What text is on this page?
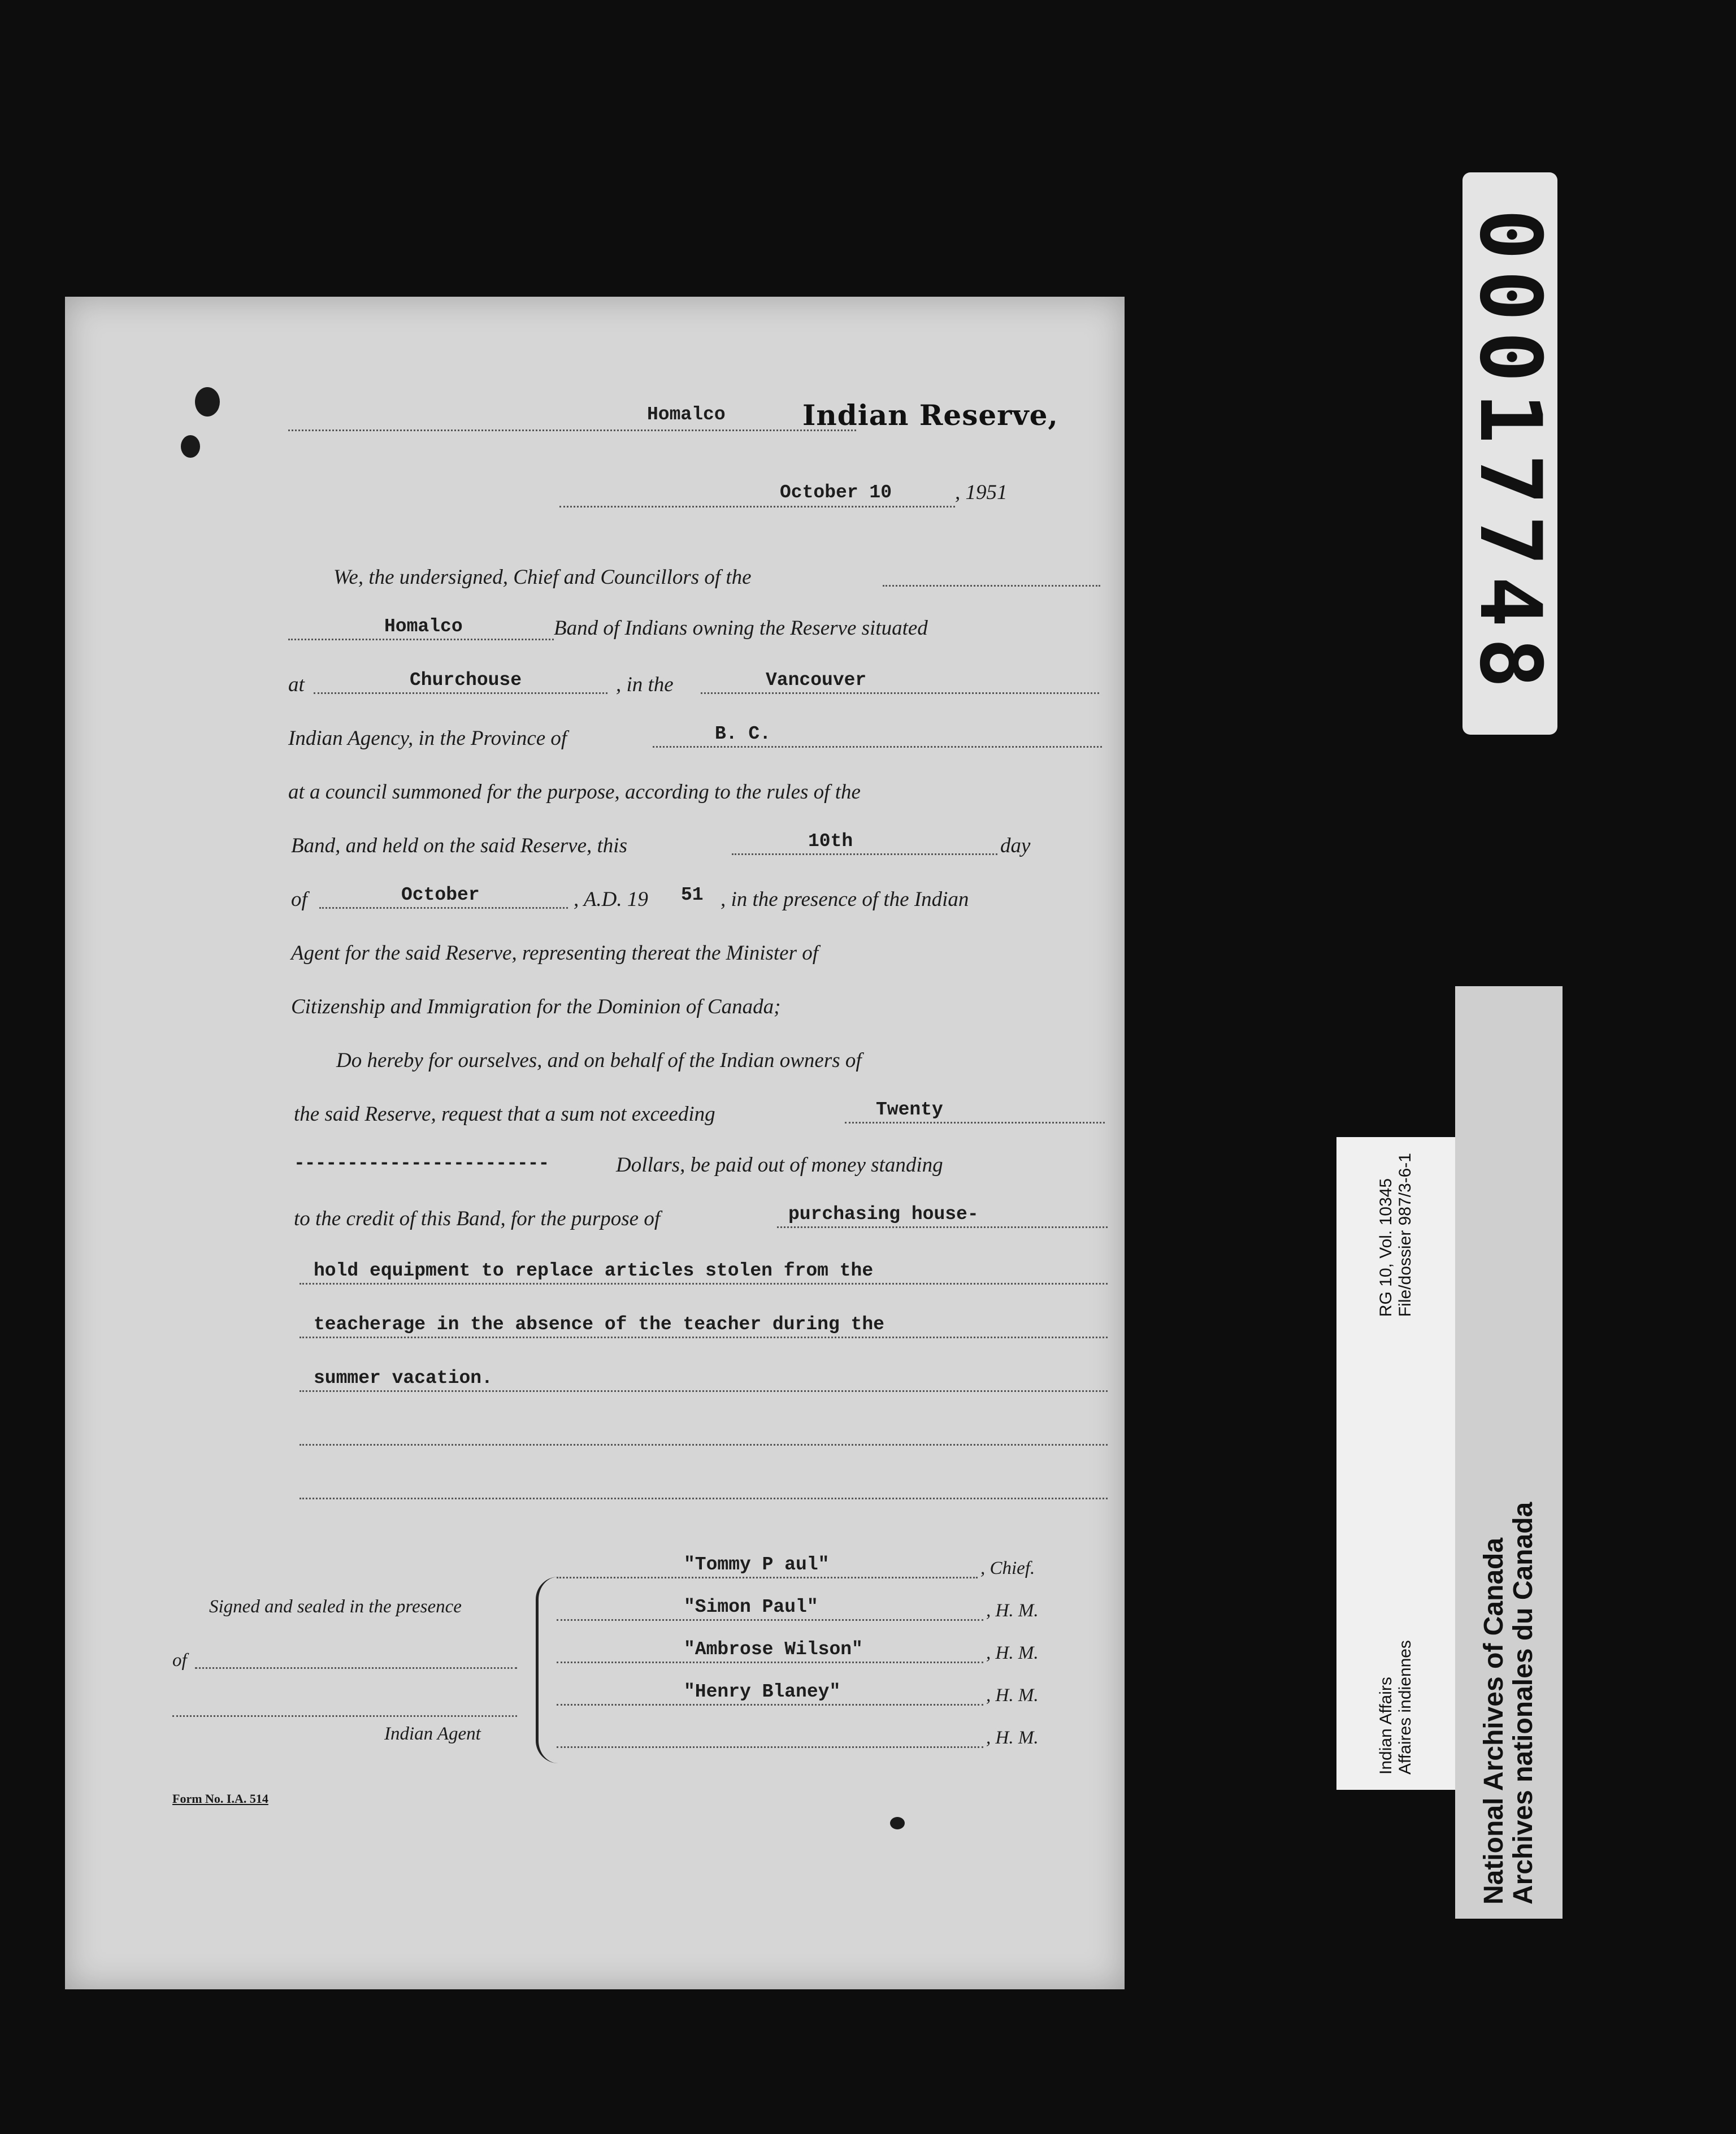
Homalco	Indian Reserve,
October 10	, 1951
We, the undersigned, Chief and Councillors of the
Homalco	Band of Indians owning the Reserve situated
at	Churchouse	, in the	Vancouver
Indian Agency, in the Province of	B. C.
at a council summoned for the purpose, according to the rules of the
Band, and held on the said Reserve, this	10th	day
of	October	, A.D. 19 51 , in the presence of the Indian
Agent for the said Reserve, representing thereat the Minister of
Citizenship and Immigration for the Dominion of Canada;
Do hereby for ourselves, and on behalf of the Indian owners of
the said Reserve, request that a sum not exceeding	Twenty
------------------------	Dollars, be paid out of money standing
to the credit of this Band, for the purpose of	purchasing house-
hold equipment to replace articles stolen from the
teacherage in the absence of the teacher during the
summer vacation.
Signed and sealed in the presence
of
Indian Agent
"Tommy P aul"	, Chief.
"Simon Paul"	, H. M.
"Ambrose Wilson"	, H. M.
"Henry Blaney"	, H. M.
, H. M.
Form No. I.A. 514
00017748
National Archives of Canada Archives nationales du Canada
Indian Affairs Affaires indiennes
RG 10, Vol. 10345 File/dossier 987/3-6-1
